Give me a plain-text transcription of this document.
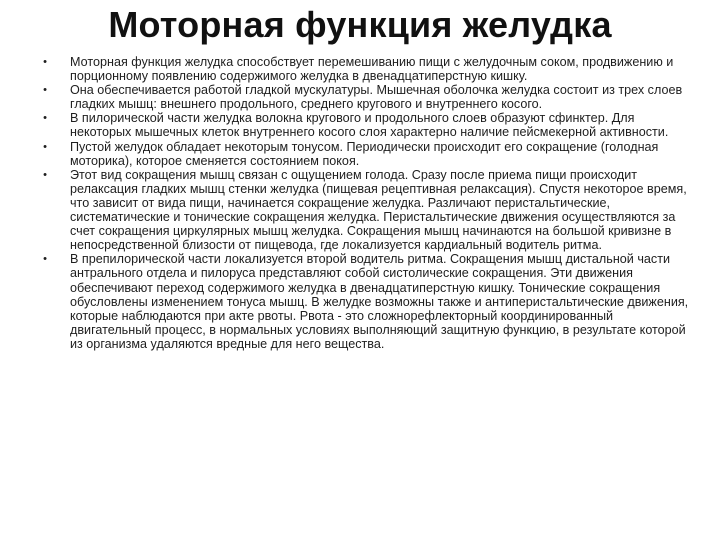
Моторная функция желудка
• Моторная функция желудка способствует перемешиванию пищи с желудочным соком, продвижению и порционному появлению содержимого желудка в двенадцатиперстную кишку.
• Она обеспечивается работой гладкой мускулатуры. Мышечная оболочка желудка состоит из трех слоев гладких мышц: внешнего продольного, среднего кругового и внутреннего косого.
• В пилорической части желудка волокна кругового и продольного слоев образуют сфинктер. Для некоторых мышечных клеток внутреннего косого слоя характерно наличие пейсмекерной активности.
• Пустой желудок обладает некоторым тонусом. Периодически происходит его сокращение (голодная моторика), которое сменяется состоянием покоя.
• Этот вид сокращения мышц связан с ощущением голода. Сразу после приема пищи происходит релаксация гладких мышц стенки желудка (пищевая рецептивная релаксация). Спустя некоторое время, что зависит от вида пищи, начинается сокращение желудка. Различают перистальтические, систематические и тонические сокращения желудка. Перистальтические движения осуществляются за счет сокращения циркулярных мышц желудка. Сокращения мышц начинаются на большой кривизне в непосредственной близости от пищевода, где локализуется кардиальный водитель ритма.
• В препилорической части локализуется второй водитель ритма. Сокращения мышц дистальной части антрального отдела и пилоруса представляют собой систолические сокращения. Эти движения обеспечивают переход содержимого желудка в двенадцатиперстную кишку. Тонические сокращения обусловлены изменением тонуса мышц. В желудке возможны также и антиперистальтические движения, которые наблюдаются при акте рвоты. Рвота - это сложнорефлекторный координированный двигательный процесс, в нормальных условиях выполняющий защитную функцию, в результате которой из организма удаляются вредные для него вещества.
